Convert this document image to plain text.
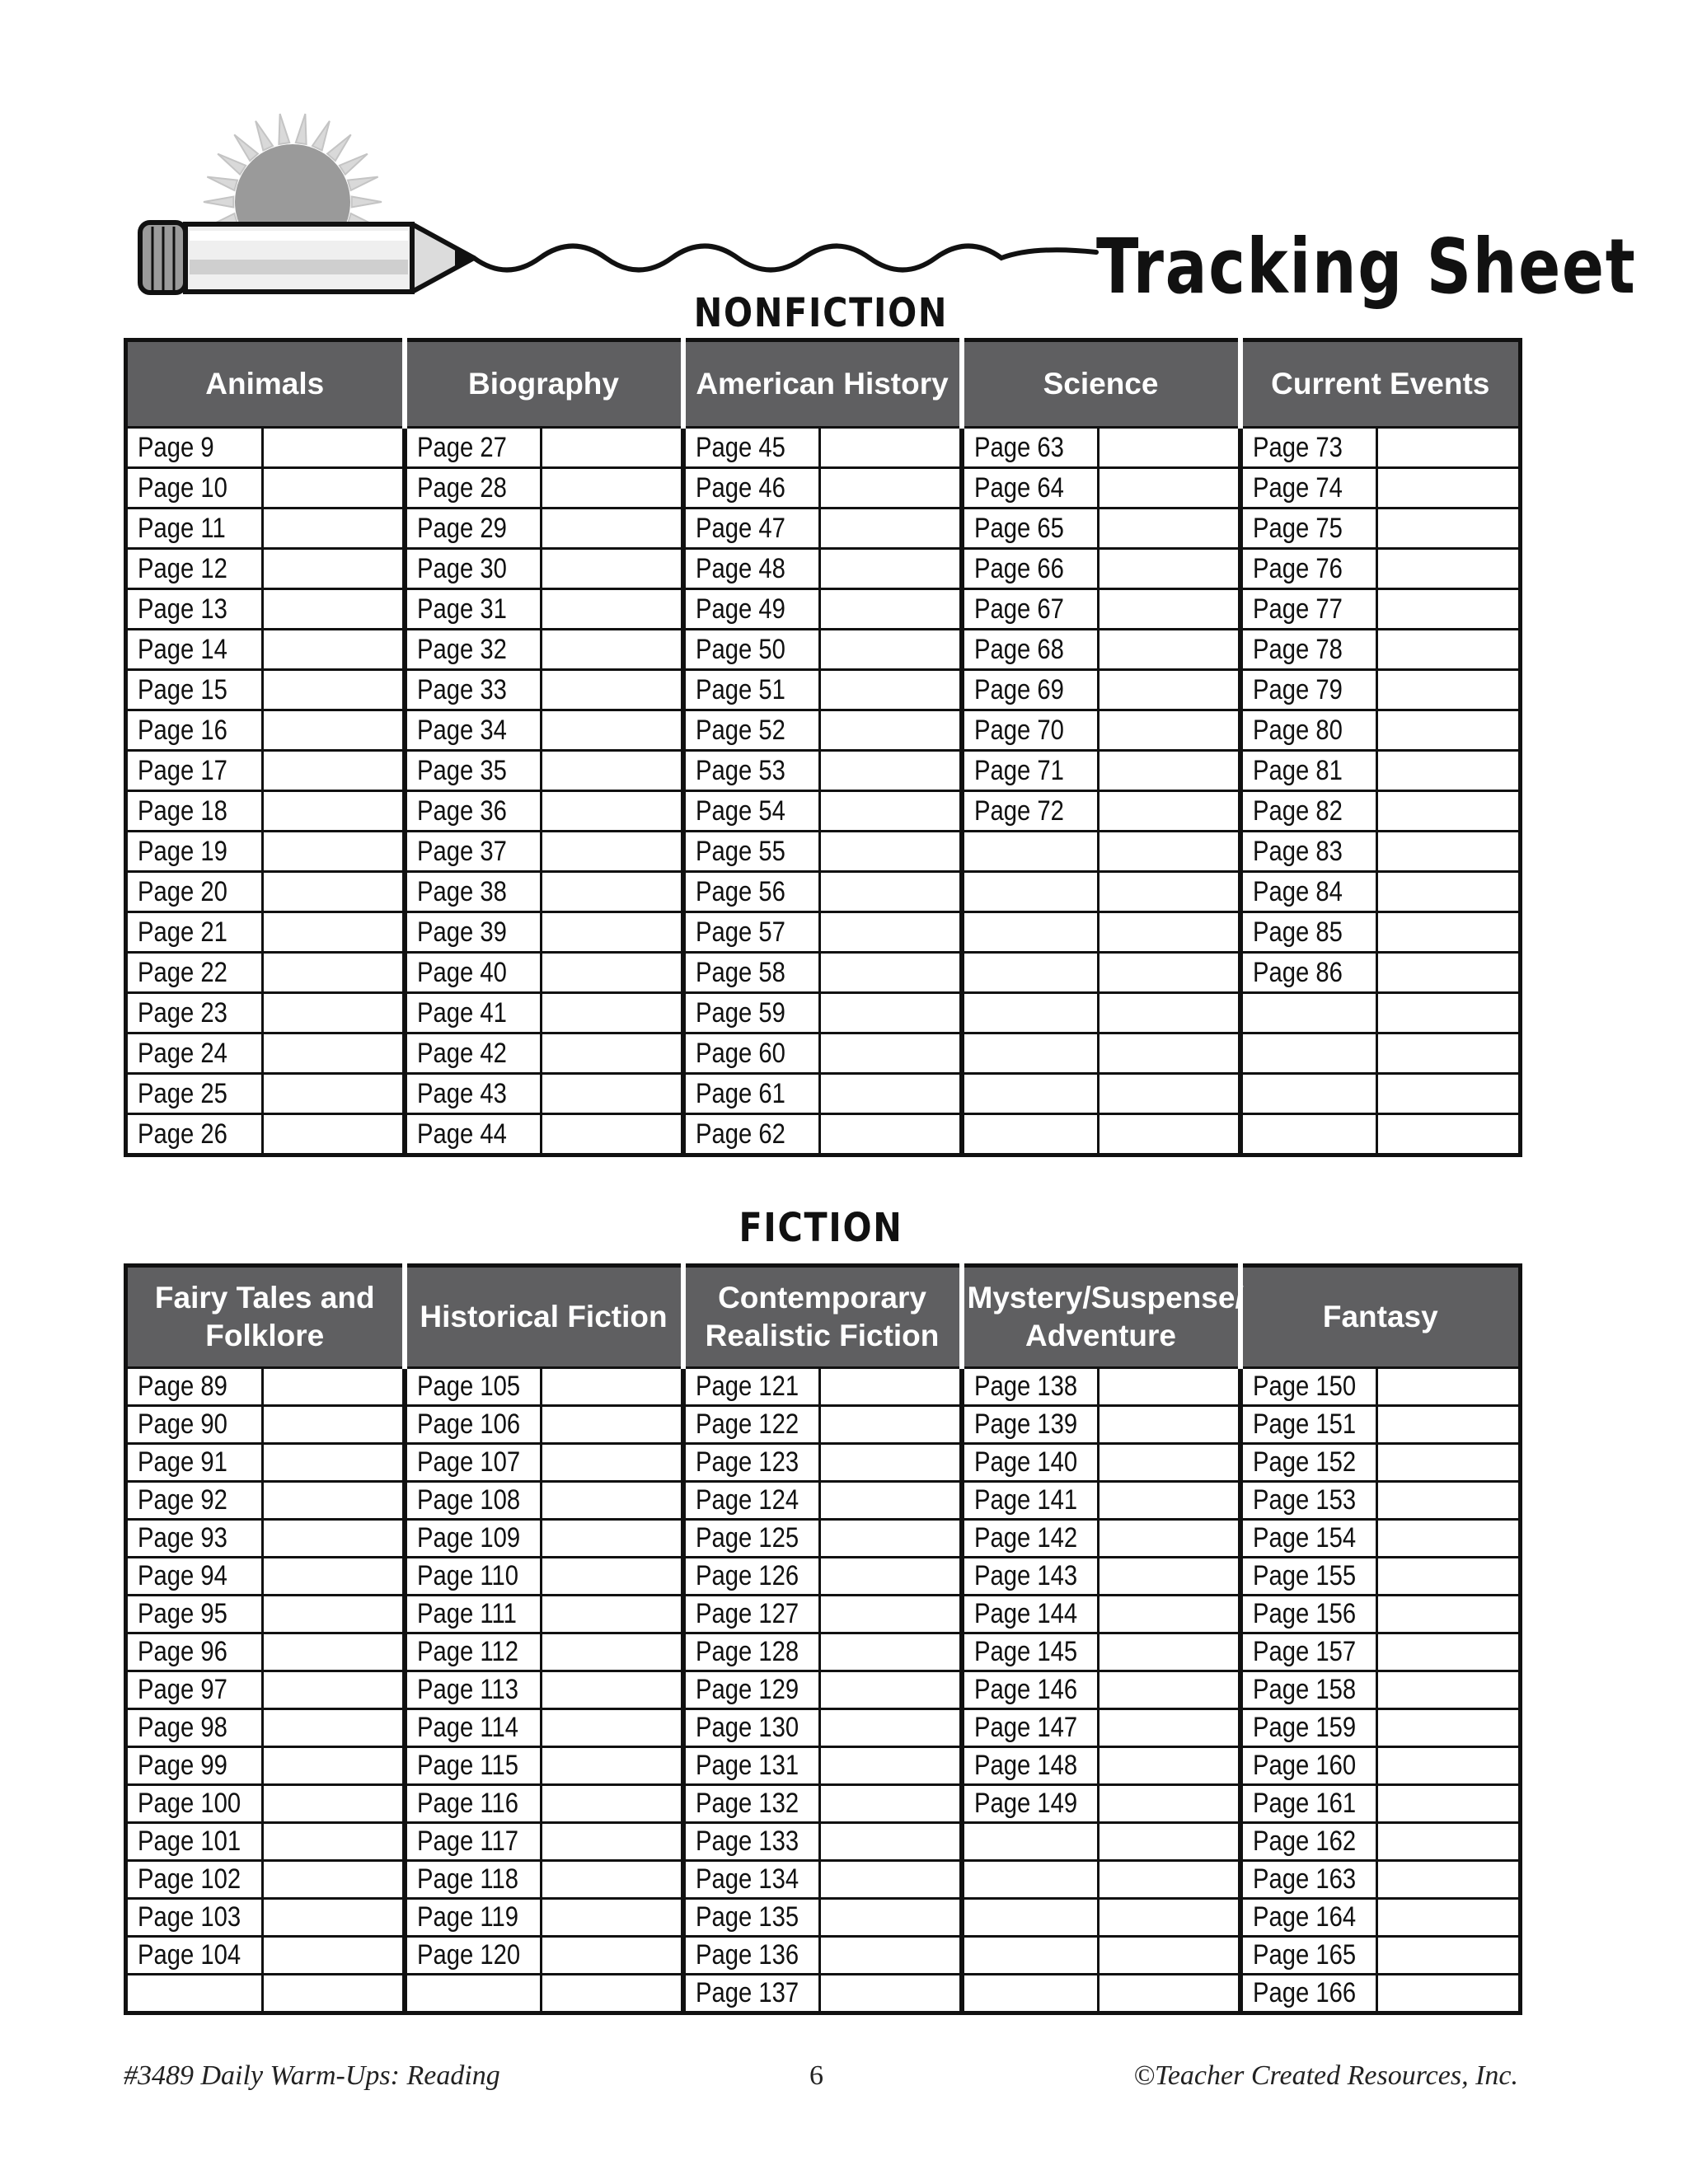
Tracking Sheet
NONFICTION
Animals		Biography		American History		Science		Current Events	
Page 9		Page 27		Page 45		Page 63		Page 73	
Page 10		Page 28		Page 46		Page 64		Page 74	
Page 11		Page 29		Page 47		Page 65		Page 75	
Page 12		Page 30		Page 48		Page 66		Page 76	
Page 13		Page 31		Page 49		Page 67		Page 77	
Page 14		Page 32		Page 50		Page 68		Page 78	
Page 15		Page 33		Page 51		Page 69		Page 79	
Page 16		Page 34		Page 52		Page 70		Page 80	
Page 17		Page 35		Page 53		Page 71		Page 81	
Page 18		Page 36		Page 54		Page 72		Page 82	
Page 19		Page 37		Page 55				Page 83	
Page 20		Page 38		Page 56				Page 84	
Page 21		Page 39		Page 57				Page 85	
Page 22		Page 40		Page 58				Page 86	
Page 23		Page 41		Page 59					
Page 24		Page 42		Page 60					
Page 25		Page 43		Page 61					
Page 26		Page 44		Page 62					
FICTION
Fairy Tales and Folklore		Historical Fiction		Contemporary Realistic Fiction		Mystery/Suspense/ Adventure		Fantasy	
Page 89		Page 105		Page 121		Page 138		Page 150	
Page 90		Page 106		Page 122		Page 139		Page 151	
Page 91		Page 107		Page 123		Page 140		Page 152	
Page 92		Page 108		Page 124		Page 141		Page 153	
Page 93		Page 109		Page 125		Page 142		Page 154	
Page 94		Page 110		Page 126		Page 143		Page 155	
Page 95		Page 111		Page 127		Page 144		Page 156	
Page 96		Page 112		Page 128		Page 145		Page 157	
Page 97		Page 113		Page 129		Page 146		Page 158	
Page 98		Page 114		Page 130		Page 147		Page 159	
Page 99		Page 115		Page 131		Page 148		Page 160	
Page 100		Page 116		Page 132		Page 149		Page 161	
Page 101		Page 117		Page 133				Page 162	
Page 102		Page 118		Page 134				Page 163	
Page 103		Page 119		Page 135				Page 164	
Page 104		Page 120		Page 136				Page 165	
				Page 137				Page 166	
#3489 Daily Warm-Ups: Reading	6	©Teacher Created Resources, Inc.
